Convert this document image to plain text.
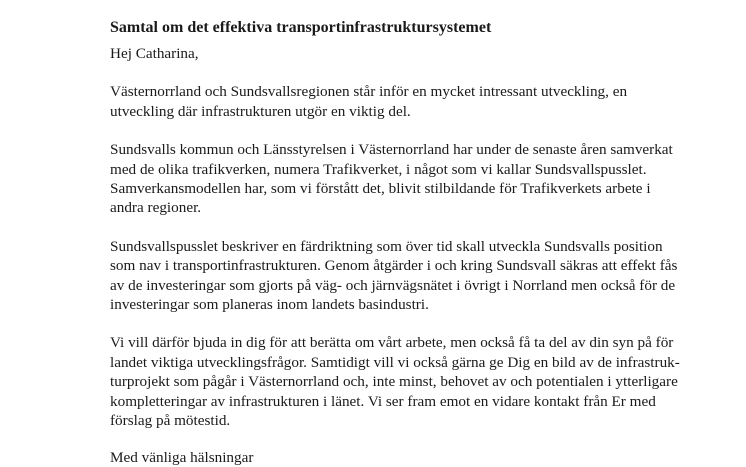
Samtal om det effektiva transportinfrastruktursystemet

Hej Catharina,

Västernorrland och Sundsvallsregionen står inför en mycket intressant utveckling, en
utveckling där infrastrukturen utgör en viktig del.
Sundsvalls kommun och Länsstyrelsen i Västernorrland har under de senaste åren samverkat
med de olika trafikverken, numera Trafikverket, i något som vi kallar Sundsvallspusslet.
Samverkansmodellen har, som vi förstått det, blivit stilbildande för Trafikverkets arbete i
andra regioner.
Sundsvallspusslet beskriver en färdriktning som över tid skall utveckla Sundsvalls position
som nav i transportinfrastrukturen. Genom åtgärder i och kring Sundsvall säkras att effekt fås
av de investeringar som gjorts på väg- och järnvägsnätet i övrigt i Norrland men också för de
investeringar som planeras inom landets basindustri.
Vi vill därför bjuda in dig för att berätta om vårt arbete, men också få ta del av din syn på för
landet viktiga utvecklingsfrågor. Samtidigt vill vi också gärna ge Dig en bild av de infrastruk-
turprojekt som pågår i Västernorrland och, inte minst, behovet av och potentialen i ytterligare
kompletteringar av infrastrukturen i länet. Vi ser fram emot en vidare kontakt från Er med
förslag på mötestid.
Med vänliga hälsningar
